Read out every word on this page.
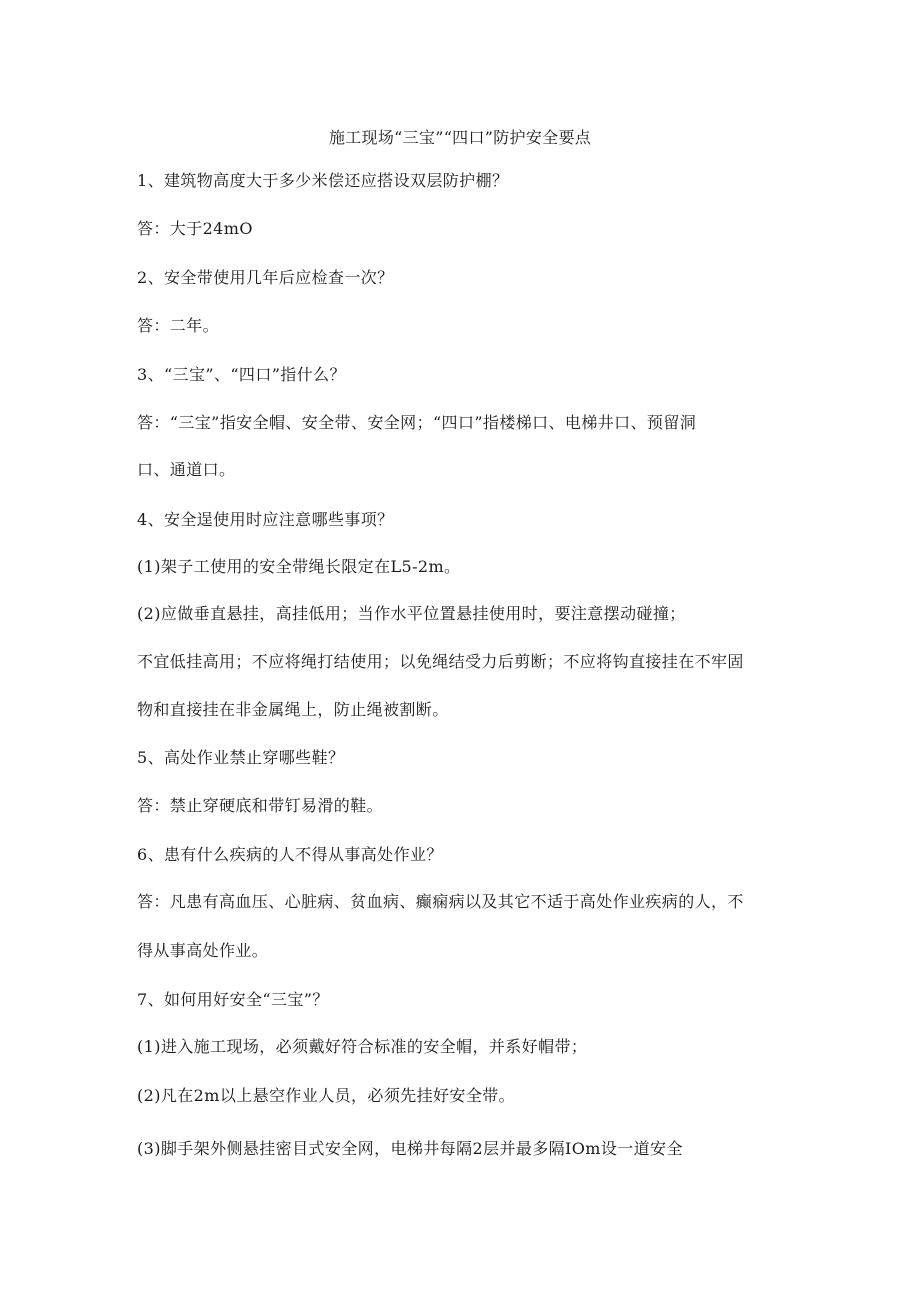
施工现场“三宝”“四口”防护安全要点
1、建筑物高度大于多少米偿还应搭设双层防护棚？
答：大于24mO
2、安全带使用几年后应检查一次？
答：二年。
3、“三宝”、“四口”指什么？
答：“三宝”指安全帽、安全带、安全网；“四口”指楼梯口、电梯井口、预留洞
口、通道口。
4、安全逞使用时应注意哪些事项？
(1)架子工使用的安全带绳长限定在L5-2m。
(2)应做垂直悬挂，高挂低用；当作水平位置悬挂使用时，要注意摆动碰撞；
不宜低挂高用；不应将绳打结使用；以免绳结受力后剪断；不应将钩直接挂在不牢固
物和直接挂在非金属绳上，防止绳被割断。
5、高处作业禁止穿哪些鞋？
答：禁止穿硬底和带钉易滑的鞋。
6、患有什么疾病的人不得从事高处作业？
答：凡患有高血压、心脏病、贫血病、癫痫病以及其它不适于高处作业疾病的人，不
得从事高处作业。
7、如何用好安全“三宝”？
(1)进入施工现场，必须戴好符合标准的安全帽，并系好帽带；
(2)凡在2m以上悬空作业人员，必须先挂好安全带。
(3)脚手架外侧悬挂密目式安全网，电梯井每隔2层并最多隔IOm设一道安全
